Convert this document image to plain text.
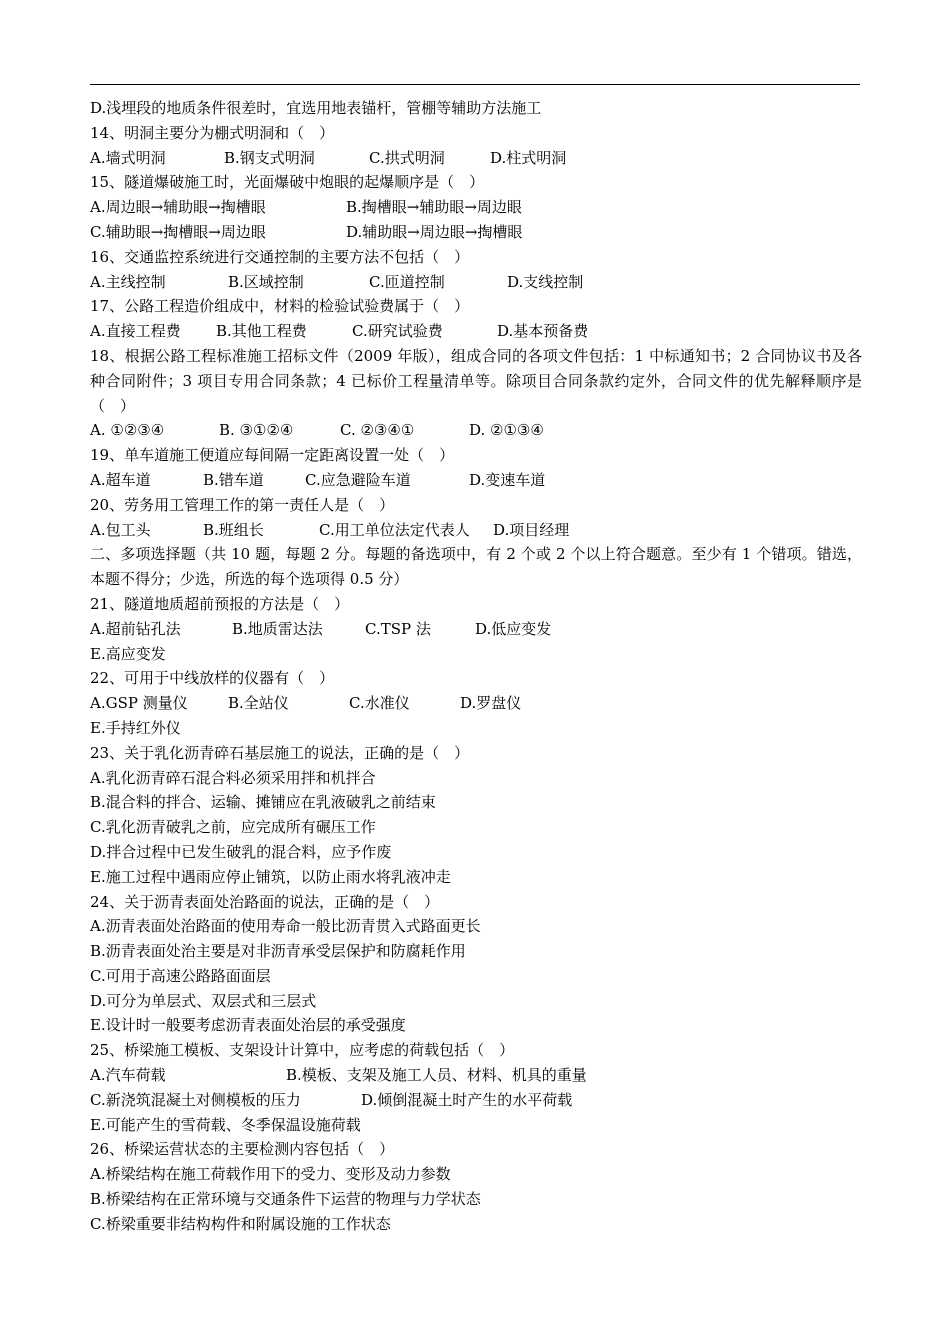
D.浅埋段的地质条件很差时，宜选用地表锚杆，管棚等辅助方法施工
14、明洞主要分为棚式明洞和（　）
A.墙式明洞	B.钢支式明洞	C.拱式明洞	D.柱式明洞
15、隧道爆破施工时，光面爆破中炮眼的起爆顺序是（　）
A.周边眼→辅助眼→掏槽眼	B.掏槽眼→辅助眼→周边眼
C.辅助眼→掏槽眼→周边眼	D.辅助眼→周边眼→掏槽眼
16、交通监控系统进行交通控制的主要方法不包括（　）
A.主线控制	B.区域控制	C.匝道控制	D.支线控制
17、公路工程造价组成中，材料的检验试验费属于（　）
A.直接工程费	B.其他工程费	C.研究试验费	D.基本预备费
18、根据公路工程标准施工招标文件（2009 年版），组成合同的各项文件包括：1 中标通知书；2 合同协议书及各种合同附件；3 项目专用合同条款；4 已标价工程量清单等。除项目合同条款约定外，合同文件的优先解释顺序是（　）
A. ①②③④	B. ③①②④	C. ②③④①	D. ②①③④
19、单车道施工便道应每间隔一定距离设置一处（　）
A.超车道	B.错车道	C.应急避险车道	D.变速车道
20、劳务用工管理工作的第一责任人是（　）
A.包工头	B.班组长	C.用工单位法定代表人	D.项目经理
二、多项选择题（共 10 题，每题 2 分。每题的备选项中，有 2 个或 2 个以上符合题意。至少有 1 个错项。错选，本题不得分；少选，所选的每个选项得 0.5 分）
21、隧道地质超前预报的方法是（　）
A.超前钻孔法	B.地质雷达法	C.TSP 法	D.低应变发
E.高应变发
22、可用于中线放样的仪器有（　）
A.GSP 测量仪	B.全站仪	C.水准仪	D.罗盘仪
E.手持红外仪
23、关于乳化沥青碎石基层施工的说法，正确的是（　）
A.乳化沥青碎石混合料必须采用拌和机拌合
B.混合料的拌合、运输、摊铺应在乳液破乳之前结束
C.乳化沥青破乳之前，应完成所有碾压工作
D.拌合过程中已发生破乳的混合料，应予作废
E.施工过程中遇雨应停止铺筑，以防止雨水将乳液冲走
24、关于沥青表面处治路面的说法，正确的是（　）
A.沥青表面处治路面的使用寿命一般比沥青贯入式路面更长
B.沥青表面处治主要是对非沥青承受层保护和防腐耗作用
C.可用于高速公路路面面层
D.可分为单层式、双层式和三层式
E.设计时一般要考虑沥青表面处治层的承受强度
25、桥梁施工模板、支架设计计算中，应考虑的荷载包括（　）
A.汽车荷载	B.模板、支架及施工人员、材料、机具的重量
C.新浇筑混凝土对侧模板的压力	D.倾倒混凝土时产生的水平荷载
E.可能产生的雪荷载、冬季保温设施荷载
26、桥梁运营状态的主要检测内容包括（　）
A.桥梁结构在施工荷载作用下的受力、变形及动力参数
B.桥梁结构在正常环境与交通条件下运营的物理与力学状态
C.桥梁重要非结构构件和附属设施的工作状态
